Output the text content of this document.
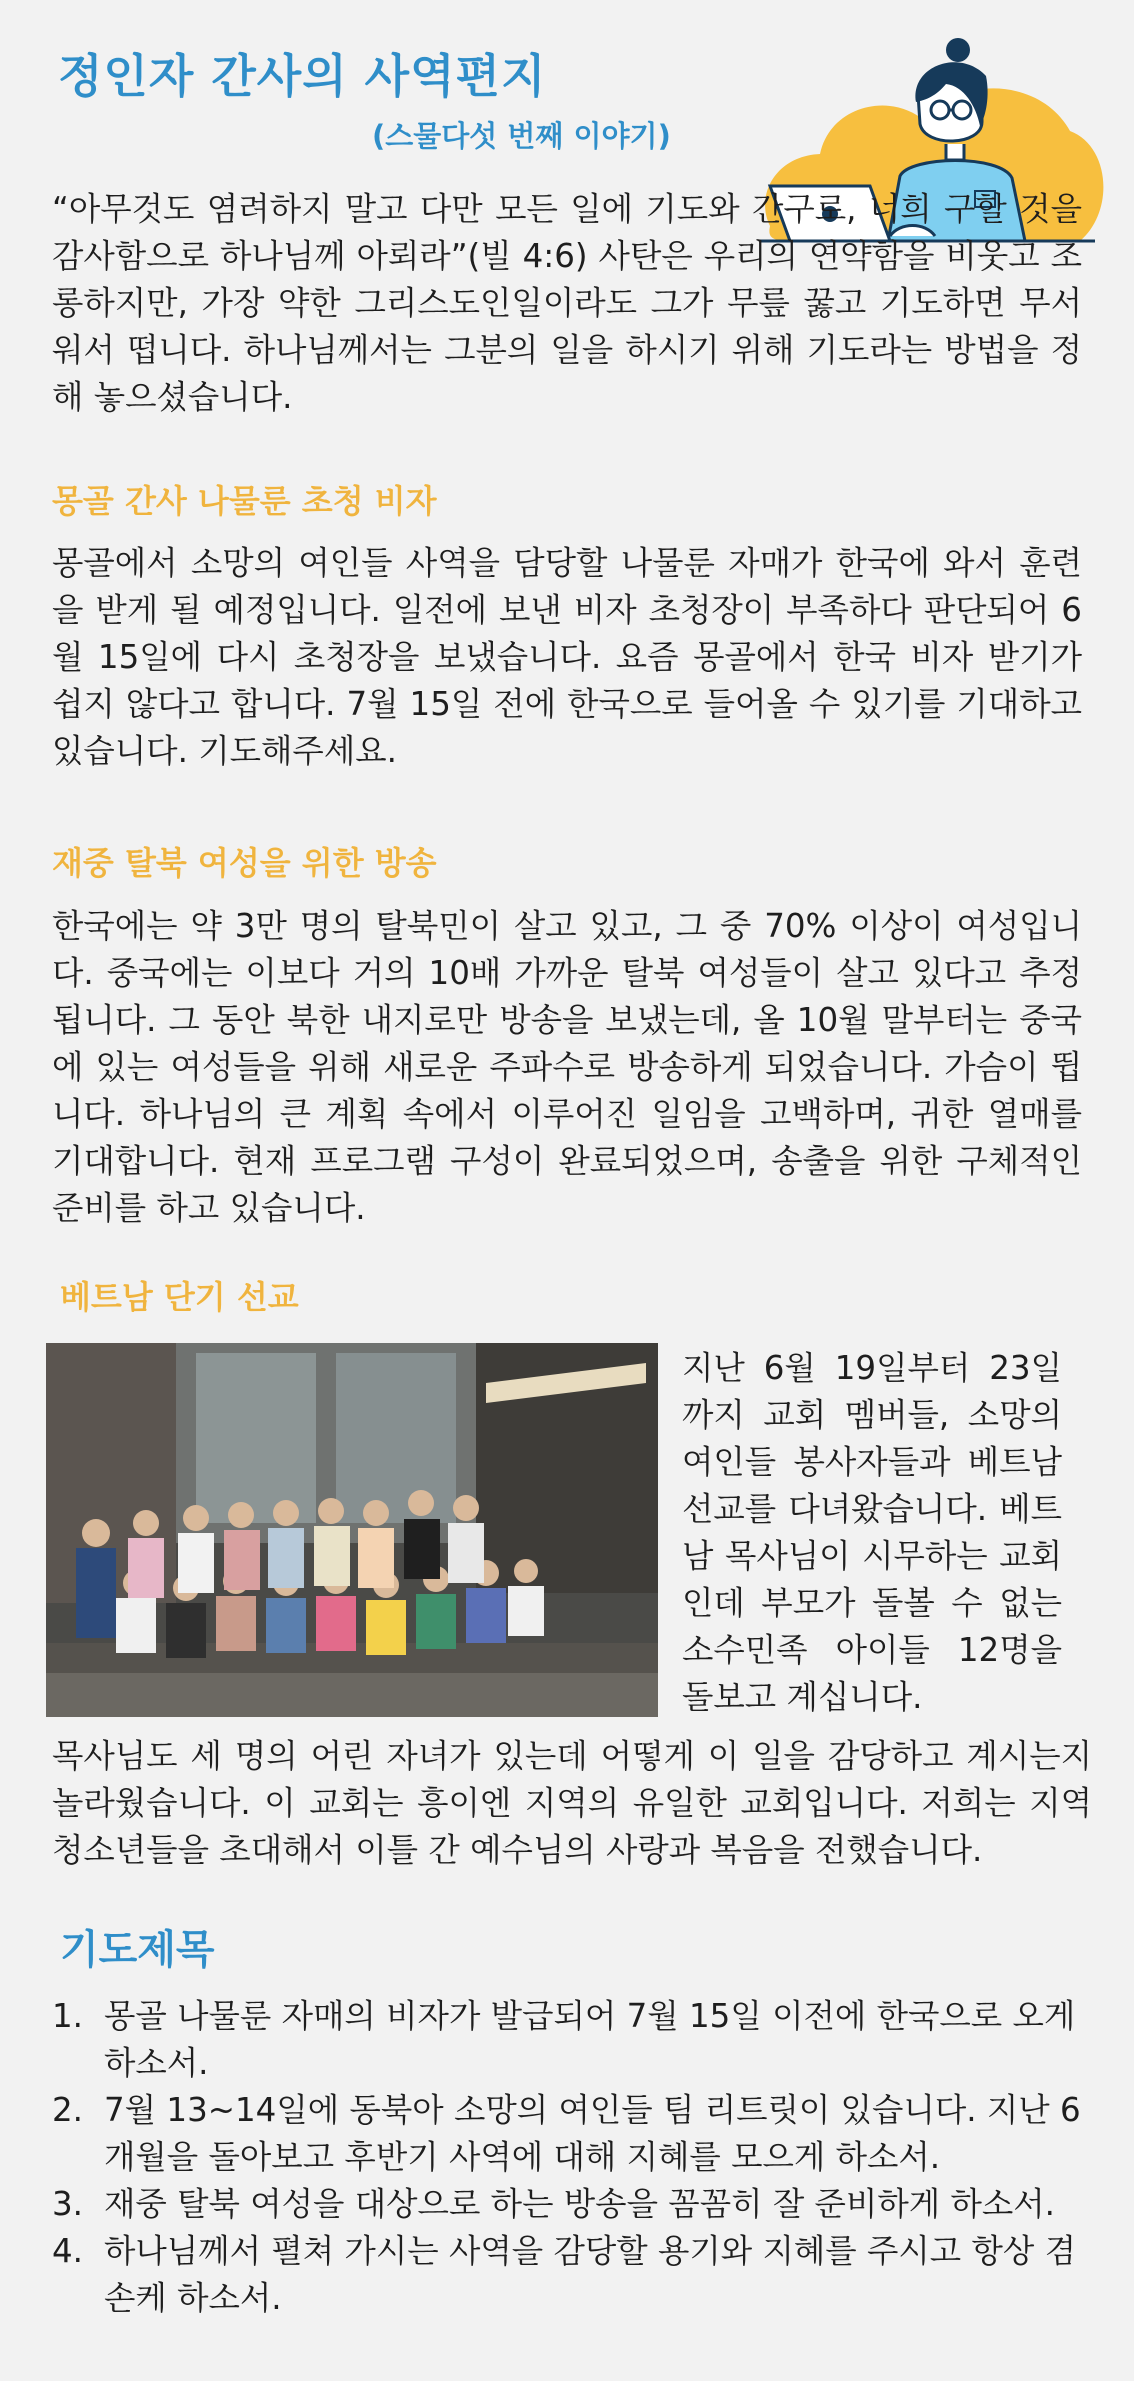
정인자 간사의 사역편지
(스물다섯 번째 이야기)

“아무것도 염려하지 말고 다만 모든 일에 기도와 간구로, 너희 구할 것을 감사함으로 하나님께 아뢰라”(빌 4:6) 사탄은 우리의 연약함을 비웃고 조롱하지만, 가장 약한 그리스도인일이라도 그가 무릎 꿇고 기도하면 무서워서 떱니다. 하나님께서는 그분의 일을 하시기 위해 기도라는 방법을 정해 놓으셨습니다.

몽골 간사 나물룬 초청 비자

몽골에서 소망의 여인들 사역을 담당할 나물룬 자매가 한국에 와서 훈련을 받게 될 예정입니다. 일전에 보낸 비자 초청장이 부족하다 판단되어 6월 15일에 다시 초청장을 보냈습니다. 요즘 몽골에서 한국 비자 받기가 쉽지 않다고 합니다. 7월 15일 전에 한국으로 들어올 수 있기를 기대하고 있습니다. 기도해주세요.

재중 탈북 여성을 위한 방송

한국에는 약 3만 명의 탈북민이 살고 있고, 그 중 70% 이상이 여성입니다. 중국에는 이보다 거의 10배 가까운 탈북 여성들이 살고 있다고 추정됩니다. 그 동안 북한 내지로만 방송을 보냈는데, 올 10월 말부터는 중국에 있는 여성들을 위해 새로운 주파수로 방송하게 되었습니다. 가슴이 뜁니다. 하나님의 큰 계획 속에서 이루어진 일임을 고백하며, 귀한 열매를 기대합니다. 현재 프로그램 구성이 완료되었으며, 송출을 위한 구체적인 준비를 하고 있습니다.

베트남 단기 선교

지난 6월 19일부터 23일까지 교회 멤버들, 소망의 여인들 봉사자들과 베트남 선교를 다녀왔습니다. 베트남 목사님이 시무하는 교회인데 부모가 돌볼 수 없는 소수민족 아이들 12명을 돌보고 계십니다.

목사님도 세 명의 어린 자녀가 있는데 어떻게 이 일을 감당하고 계시는지 놀라웠습니다. 이 교회는 흥이엔 지역의 유일한 교회입니다. 저희는 지역 청소년들을 초대해서 이틀 간 예수님의 사랑과 복음을 전했습니다.

기도제목
1. 몽골 나물룬 자매의 비자가 발급되어 7월 15일 이전에 한국으로 오게 하소서.
2. 7월 13~14일에 동북아 소망의 여인들 팀 리트릿이 있습니다. 지난 6개월을 돌아보고 후반기 사역에 대해 지혜를 모으게 하소서.
3. 재중 탈북 여성을 대상으로 하는 방송을 꼼꼼히 잘 준비하게 하소서.
4. 하나님께서 펼쳐 가시는 사역을 감당할 용기와 지혜를 주시고 항상 겸손케 하소서.
